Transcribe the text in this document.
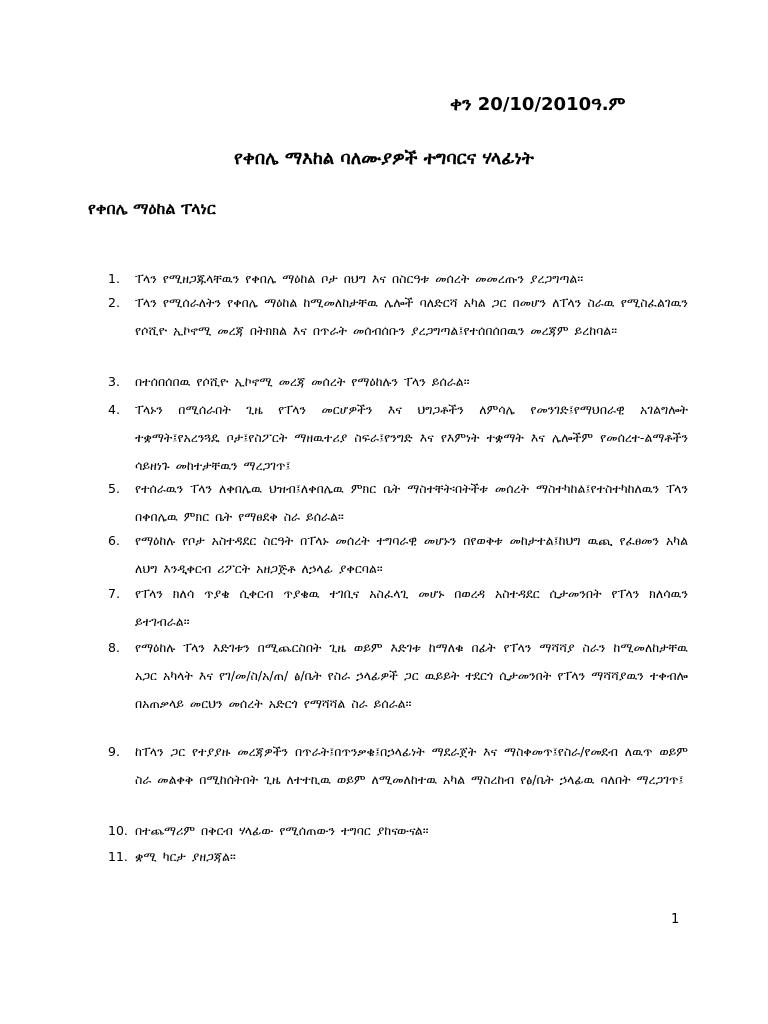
ቀን 20/10/2010ዓ.ም
የቀበሌ ማእከል ባለሙያዎች ተግባርና ሃላፊነት
የቀበሌ ማዕከል ፐላነር
1.	ፐላን የሚዘጋጁላቸዉን የቀበሌ ማዕከል ቦታ በህግ እና በስርዓቱ መሰረት መመረጡን ያረጋግጣል፡፡
2.	ፐላን የሚሰራለትን የቀበሌ ማዕከል ከሚመለከታቸዉ ሌሎች ባለድርሻ አካል ጋር በመሆን ለፐላን ስራዉ የሚስፈልገዉን የሶሺዮ ኢኮኖሚ መረጃ በትክክል እና በጥራት መሰብሰቡን ያረጋግጣል፤የተሰበሰበዉን መረጃም ይረከባል፡፡
3.	በተሰበሰበዉ የሶሺዮ ኢኮኖሚ መረጃ መሰረት የማዕከሉን ፐላን ይሰራል፡፡
4.	ፐላኑን በሚሰራበት ጊዜ የፐላን መርሆዎችን እና ህግጋቶችን ለምሳሌ የመንገድ፤የማህበራዊ አገልግሎት ተቋማት፤የአረንጓዴ ቦታ፤የስፖርት ማዘዉተሪያ ስፍራ፤የንግድ እና የእምነት ተቋማት እና ሌሎችም የመሰረተ-ልማቶችን ሳይዘነጉ መከተታቸዉን ማረጋገጥ፤
5.	የተሰራዉን ፐላን ለቀበሌዉ ህዝብ፤ለቀበሌዉ ምክር ቤት ማስተቸት፡በትችቱ መሰረት ማስተካከል፤የተስተካከለዉን ፐላን በቀበሌዉ ምክር ቤት የማፀደቅ ስራ ይሰራል፡፡
6.	የማዕከሉ የቦታ አስተዳደር ስርዓት በፐላኑ መሰረት ተግባራዊ መሆኑን በየወቅቱ መከታተል፤ከህግ ዉጪ የፈፀመን አካል ለህግ እንዲቀርብ ሪፖርት አዘጋጅቶ ለኃላፊ ያቀርባል፡፡
7.	የፐላን ክለሳ ጥያቄ ሲቀርብ ጥያቄዉ ተገቢና አስፈላጊ መሆኑ በወረዳ አስተዳደር ሲታመንበት የፐላን ክለሳዉን ይተገብራል፡፡
8.	የማዕከሉ ፐላን እድገቱን በሚጨርስበት ጊዜ ወይም እድገቱ ከማለቁ በፊት የፐላን ማሻሻያ ስራን ከሚመለከታቸዉ አጋር አካላት እና የገ/መ/ስ/አ/ጠ/ ፅ/ቤት የስራ ኃላፊዎች ጋር ዉይይት ተደርጎ ሲታመንበት የፐላን ማሻሻያዉን ተቀብሎ በአጠቃላይ መርህን መሰረት አድርጎ የማሻሻል ስራ ይሰራል፡፡
9.	ከፐላን ጋር የተያያዙ መረጃዎችን በጥራት፤በጥንቃቄ፤በኃላፊነት ማደራጀት እና ማስቀመጥ፤የስራ/የመደብ ለዉጥ ወይም ስራ መልቀቅ በሚከሰትበት ጊዜ ለተተኪዉ ወይም ለሚመለከተዉ አካል ማስረከብ የፅ/ቤት ኃላፊዉ ባለበት ማረጋገጥ፤
10. በተጨማሪም በቅርብ ሃላፊው የሚሰጠውን ተግባር ያከናውናል፡፡
11. ቋሚ ካርታ ያዘጋጃል፡፡
1
